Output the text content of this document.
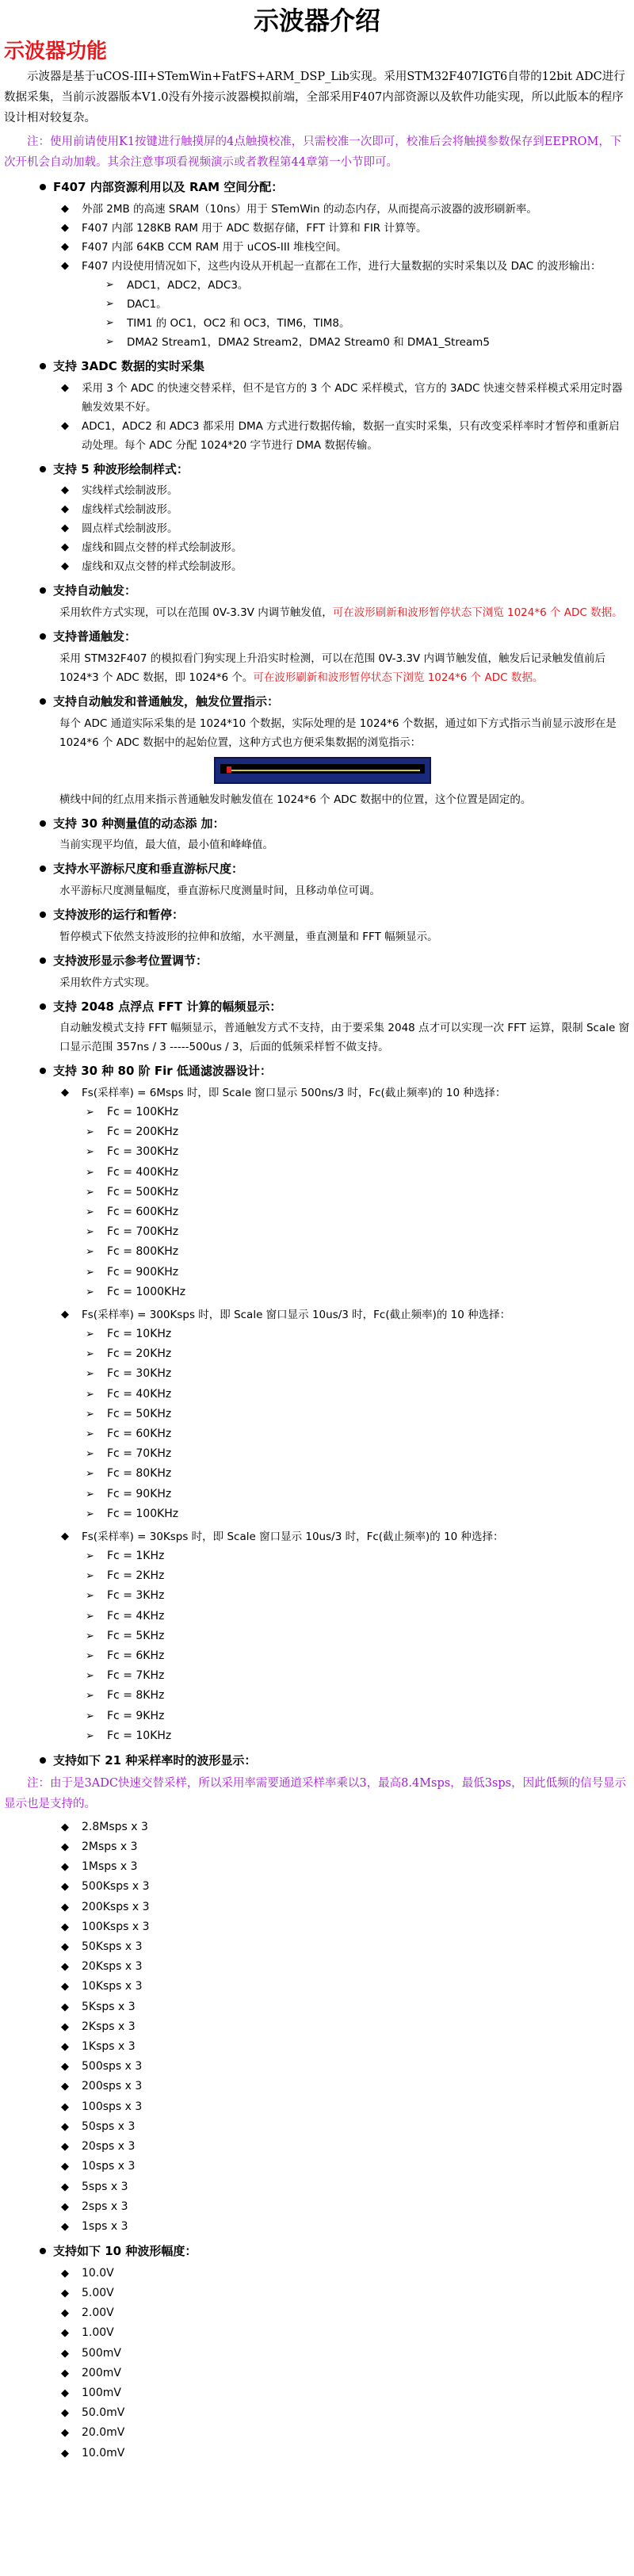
示波器介绍
示波器功能

示波器是基于uCOS-III+STemWin+FatFS+ARM_DSP_Lib实现。采用STM32F407IGT6自带的12bit ADC进行数据采集，当前示波器版本V1.0没有外接示波器模拟前端，全部采用F407内部资源以及软件功能实现，所以此版本的程序设计相对较复杂。

注：使用前请使用K1按键进行触摸屏的4点触摸校准，只需校准一次即可，校准后会将触摸参数保存到EEPROM，下次开机会自动加载。其余注意事项看视频演示或者教程第44章第一小节即可。

F407 内部资源利用以及 RAM 空间分配：
◆ 外部 2MB 的高速 SRAM（10ns）用于 STemWin 的动态内存，从而提高示波器的波形刷新率。
◆ F407 内部 128KB RAM 用于 ADC 数据存储，FFT 计算和 FIR 计算等。
◆ F407 内部 64KB CCM RAM 用于 uCOS-III 堆栈空间。
◆ F407 内设使用情况如下，这些内设从开机起一直都在工作，进行大量数据的实时采集以及 DAC 的波形输出：
➢ ADC1，ADC2，ADC3。
➢ DAC1。
➢ TIM1 的 OC1，OC2 和 OC3，TIM6，TIM8。
➢ DMA2 Stream1，DMA2 Stream2，DMA2 Stream0 和 DMA1_Stream5
支持 3ADC 数据的实时采集
◆ 采用 3 个 ADC 的快速交替采样，但不是官方的 3 个 ADC 采样模式，官方的 3ADC 快速交替采样模式采用定时器触发效果不好。
◆ ADC1，ADC2 和 ADC3 都采用 DMA 方式进行数据传输，数据一直实时采集，只有改变采样率时才暂停和重新启动处理。每个 ADC 分配 1024*20 字节进行 DMA 数据传输。
支持 5 种波形绘制样式：
◆ 实线样式绘制波形。
◆ 虚线样式绘制波形。
◆ 圆点样式绘制波形。
◆ 虚线和圆点交替的样式绘制波形。
◆ 虚线和双点交替的样式绘制波形。
支持自动触发：

采用软件方式实现，可以在范围 0V-3.3V 内调节触发值，可在波形刷新和波形暂停状态下浏览 1024*6 个 ADC 数据。

支持普通触发：

采用 STM32F407 的模拟看门狗实现上升沿实时检测，可以在范围 0V-3.3V 内调节触发值，触发后记录触发值前后 1024*3 个 ADC 数据，即 1024*6 个。可在波形刷新和波形暂停状态下浏览 1024*6 个 ADC 数据。

支持自动触发和普通触发，触发位置指示：

每个 ADC 通道实际采集的是 1024*10 个数据，实际处理的是 1024*6 个数据，通过如下方式指示当前显示波形在是 1024*6 个 ADC 数据中的起始位置，这种方式也方便采集数据的浏览指示：

横线中间的红点用来指示普通触发时触发值在 1024*6 个 ADC 数据中的位置，这个位置是固定的。

支持 30 种测量值的动态添 加：

当前实现平均值，最大值，最小值和峰峰值。

支持水平游标尺度和垂直游标尺度：

水平游标尺度测量幅度，垂直游标尺度测量时间，且移动单位可调。

支持波形的运行和暂停：

暂停模式下依然支持波形的拉伸和放缩，水平测量，垂直测量和 FFT 幅频显示。

支持波形显示参考位置调节：

采用软件方式实现。

支持 2048 点浮点 FFT 计算的幅频显示：

自动触发模式支持 FFT 幅频显示，普通触发方式不支持，由于要采集 2048 点才可以实现一次 FFT 运算，限制 Scale 窗口显示范围 357ns / 3 -----500us / 3，后面的低频采样暂不做支持。

支持 30 种 80 阶 Fir 低通滤波器设计：
◆ Fs(采样率) = 6Msps 时，即 Scale 窗口显示 500ns/3 时，Fc(截止频率)的 10 种选择：
➢ Fc = 100KHz
➢ Fc = 200KHz
➢ Fc = 300KHz
➢ Fc = 400KHz
➢ Fc = 500KHz
➢ Fc = 600KHz
➢ Fc = 700KHz
➢ Fc = 800KHz
➢ Fc = 900KHz
➢ Fc = 1000KHz
◆ Fs(采样率) = 300Ksps 时，即 Scale 窗口显示 10us/3 时，Fc(截止频率)的 10 种选择：
➢ Fc = 10KHz
➢ Fc = 20KHz
➢ Fc = 30KHz
➢ Fc = 40KHz
➢ Fc = 50KHz
➢ Fc = 60KHz
➢ Fc = 70KHz
➢ Fc = 80KHz
➢ Fc = 90KHz
➢ Fc = 100KHz
◆ Fs(采样率) = 30Ksps 时，即 Scale 窗口显示 10us/3 时，Fc(截止频率)的 10 种选择：
➢ Fc = 1KHz
➢ Fc = 2KHz
➢ Fc = 3KHz
➢ Fc = 4KHz
➢ Fc = 5KHz
➢ Fc = 6KHz
➢ Fc = 7KHz
➢ Fc = 8KHz
➢ Fc = 9KHz
➢ Fc = 10KHz
支持如下 21 种采样率时的波形显示：

注：由于是3ADC快速交替采样，所以采用率需要通道采样率乘以3，最高8.4Msps，最低3sps，因此低频的信号显示显示也是支持的。

◆ 2.8Msps x 3
◆ 2Msps x 3
◆ 1Msps x 3
◆ 500Ksps x 3
◆ 200Ksps x 3
◆ 100Ksps x 3
◆ 50Ksps x 3
◆ 20Ksps x 3
◆ 10Ksps x 3
◆ 5Ksps x 3
◆ 2Ksps x 3
◆ 1Ksps x 3
◆ 500sps x 3
◆ 200sps x 3
◆ 100sps x 3
◆ 50sps x 3
◆ 20sps x 3
◆ 10sps x 3
◆ 5sps x 3
◆ 2sps x 3
◆ 1sps x 3
支持如下 10 种波形幅度：
◆ 10.0V
◆ 5.00V
◆ 2.00V
◆ 1.00V
◆ 500mV
◆ 200mV
◆ 100mV
◆ 50.0mV
◆ 20.0mV
◆ 10.0mV
